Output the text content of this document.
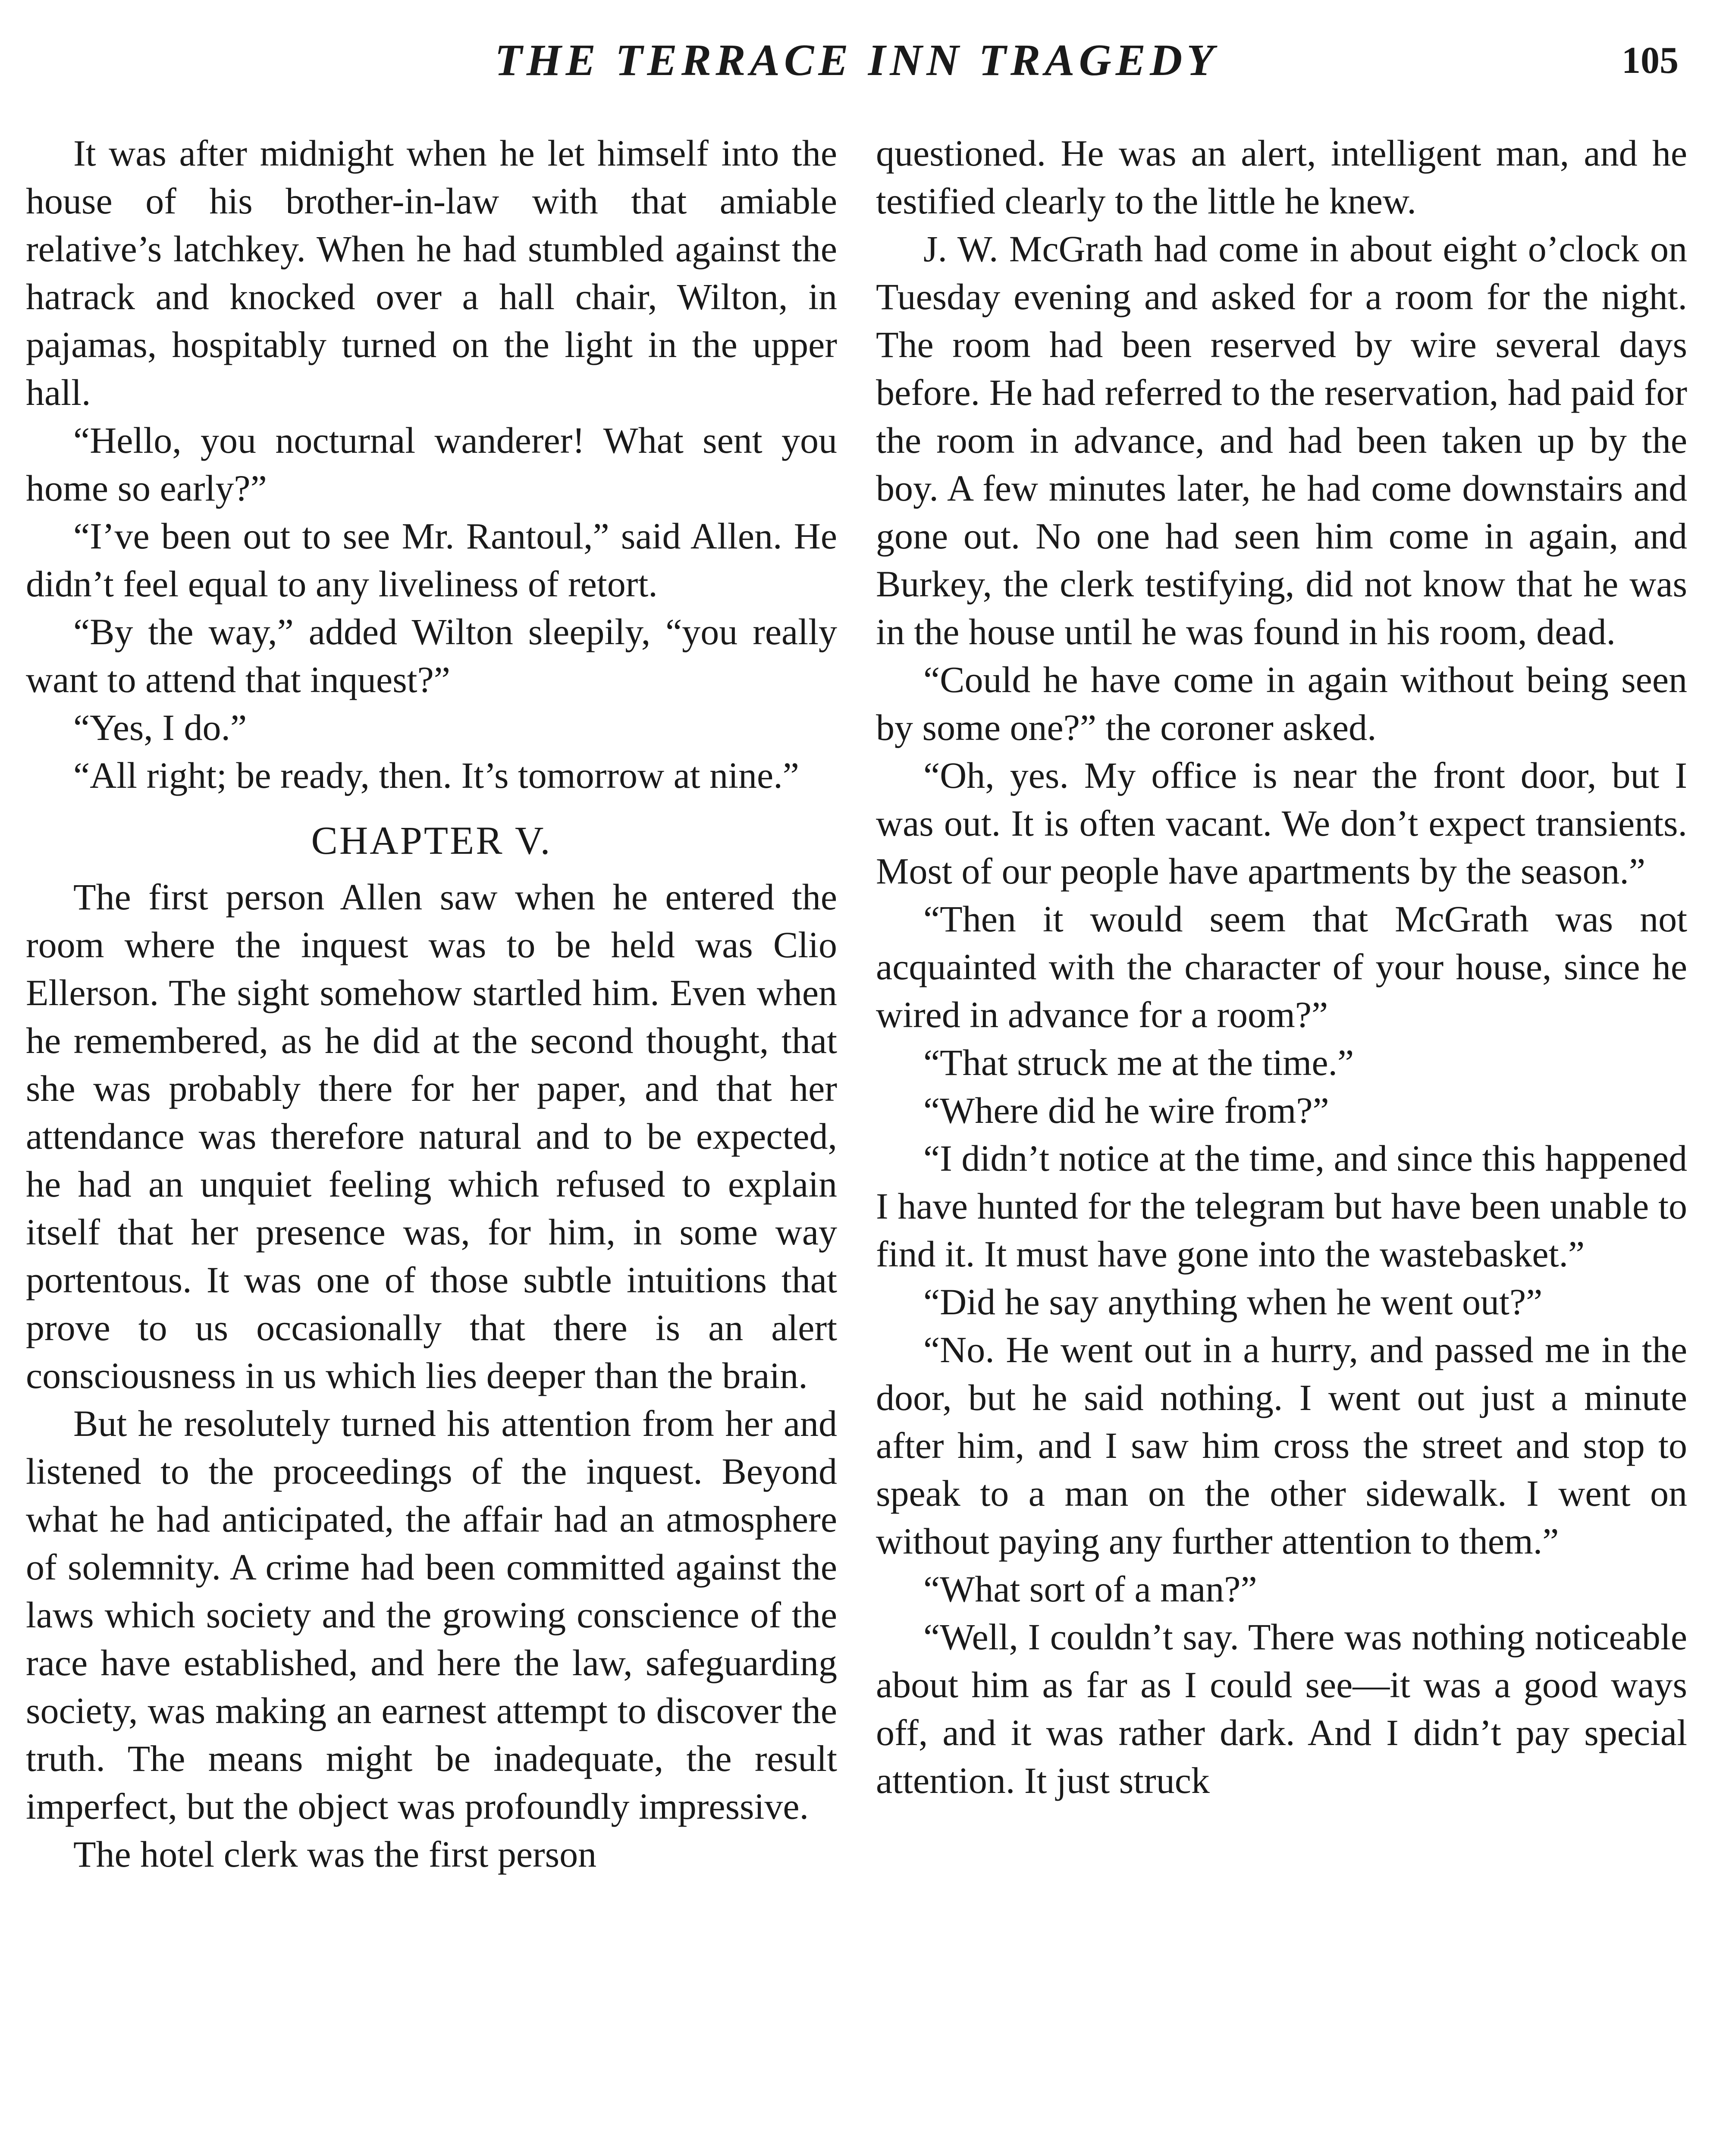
THE TERRACE INN TRAGEDY	105

It was after midnight when he let himself into the house of his brother-in-law with that amiable relative’s latchkey. When he had stumbled against the hatrack and knocked over a hall chair, Wilton, in pajamas, hospitably turned on the light in the upper hall.

“Hello, you nocturnal wanderer! What sent you home so early?”

“I’ve been out to see Mr. Rantoul,” said Allen. He didn’t feel equal to any liveliness of retort.

“By the way,” added Wilton sleepily, “you really want to attend that inquest?”

“Yes, I do.”

“All right; be ready, then. It’s tomorrow at nine.”

CHAPTER V.

The first person Allen saw when he entered the room where the inquest was to be held was Clio Ellerson. The sight somehow startled him. Even when he remembered, as he did at the second thought, that she was probably there for her paper, and that her attendance was therefore natural and to be expected, he had an unquiet feeling which refused to explain itself that her presence was, for him, in some way portentous. It was one of those subtle intuitions that prove to us occasionally that there is an alert consciousness in us which lies deeper than the brain.

But he resolutely turned his attention from her and listened to the proceedings of the inquest. Beyond what he had anticipated, the affair had an atmosphere of solemnity. A crime had been committed against the laws which society and the growing conscience of the race have established, and here the law, safeguarding society, was making an earnest attempt to discover the truth. The means might be inadequate, the result imperfect, but the object was profoundly impressive.

The hotel clerk was the first person

questioned. He was an alert, intelligent man, and he testified clearly to the little he knew.

J. W. McGrath had come in about eight o’clock on Tuesday evening and asked for a room for the night. The room had been reserved by wire several days before. He had referred to the reservation, had paid for the room in advance, and had been taken up by the boy. A few minutes later, he had come downstairs and gone out. No one had seen him come in again, and Burkey, the clerk testifying, did not know that he was in the house until he was found in his room, dead.

“Could he have come in again without being seen by some one?” the coroner asked.

“Oh, yes. My office is near the front door, but I was out. It is often vacant. We don’t expect transients. Most of our people have apartments by the season.”

“Then it would seem that McGrath was not acquainted with the character of your house, since he wired in advance for a room?”

“That struck me at the time.”

“Where did he wire from?”

“I didn’t notice at the time, and since this happened I have hunted for the telegram but have been unable to find it. It must have gone into the wastebasket.”

“Did he say anything when he went out?”

“No. He went out in a hurry, and passed me in the door, but he said nothing. I went out just a minute after him, and I saw him cross the street and stop to speak to a man on the other sidewalk. I went on without paying any further attention to them.”

“What sort of a man?”

“Well, I couldn’t say. There was nothing noticeable about him as far as I could see—it was a good ways off, and it was rather dark. And I didn’t pay special attention. It just struck
